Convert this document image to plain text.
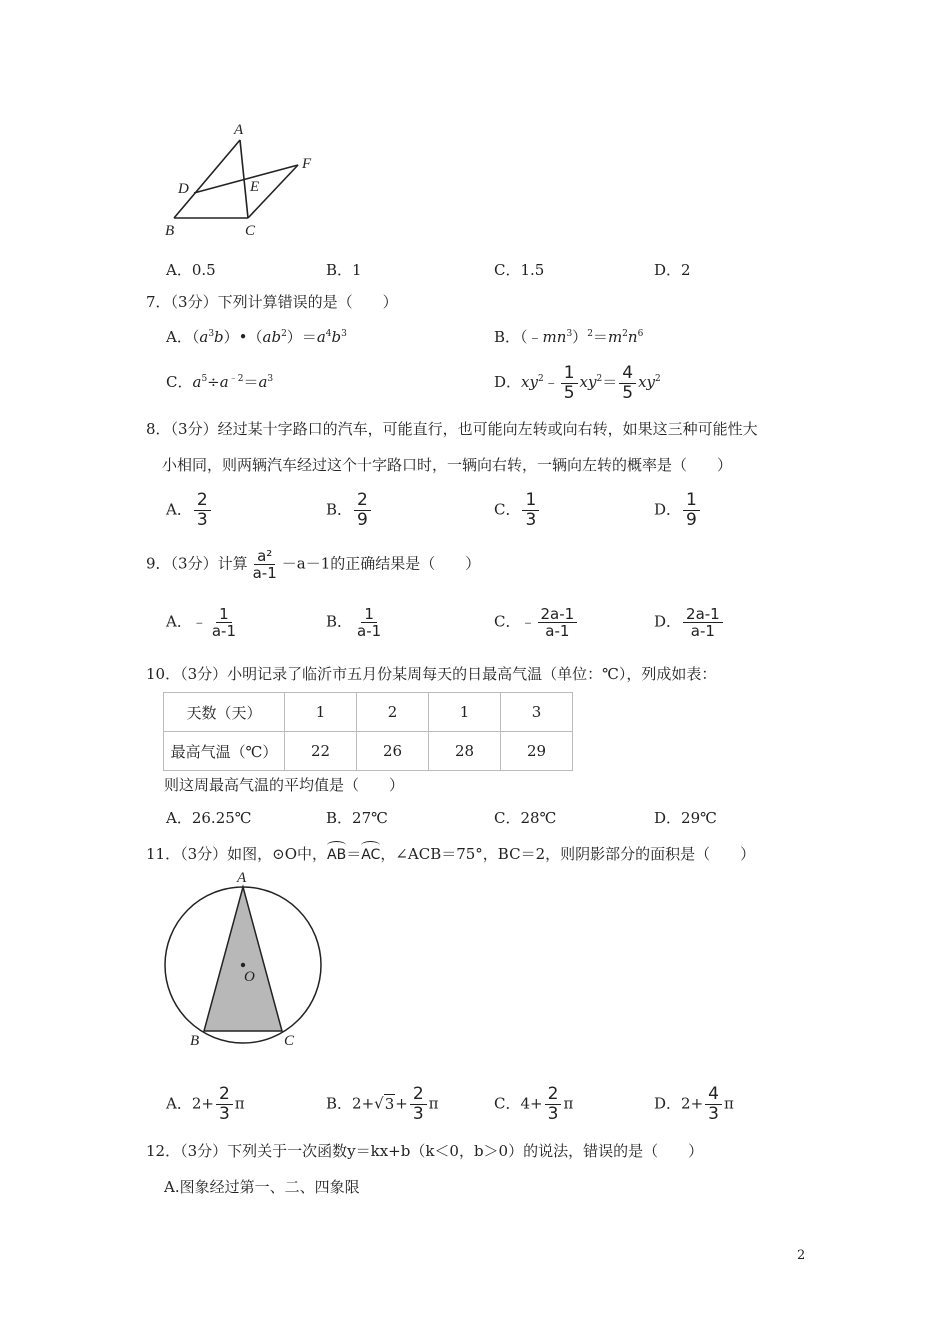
A
D	E
F
B	C
A．0.5	B．1	C．1.5	D．2
7．（3分）下列计算错误的是（　　）
A．$(a^3b)•(ab^2)=a^4b^3$	B．$(﹣mn^3)^2=m^2n^6$
C．$a^5\div a^{﹣2}=a^3$	D．$xy^2﹣ \frac{1}{5} xy^2= \frac{4}{5} xy^2$
8．（3分）经过某十字路口的汽车，可能直行，也可能向左转或向右转，如果这三种可能性大
小相同，则两辆汽车经过这个十字路口时，一辆向右转，一辆向左转的概率是（　　）
A． $\frac{2}{3}$	B． $\frac{2}{9}$	C． $\frac{1}{3}$	D． $\frac{1}{9}$
9．（3分）计算 $\frac{\text{a²}}{a-1} -a-1$的正确结果是（　　）
A．﹣ $\frac{1}{a-1}$	B． $\frac{1}{a-1}$	C．﹣ $\frac{2a-1}{a-1}$	D． $\frac{2a-1}{a-1}$
10．（3分）小明记录了临沂市五月份某周每天的日最高气温（单位：℃），列成如表：
天数（天）	1	2	1	3
最高气温（℃）	22	26	28	29
则这周最高气温的平均值是（　　）
A．26.25℃	B．27℃	C．28℃	D．29℃
11．（3分）如图，⊙O中，AB＝AC，∠ACB＝75°，BC＝2，则阴影部分的面积是（　　）
A
O
B	C
A．$2+ \frac{2}{3}$ π	B．$2+√3+ \frac{2}{3}$ π	C．$4+ \frac{2}{3}$ π	D．$2+ \frac{4}{3}$ π
12．（3分）下列关于一次函数y＝kx+b（k＜0，b＞0）的说法，错误的是（　　）
A.图象经过第一、二、四象限
2
